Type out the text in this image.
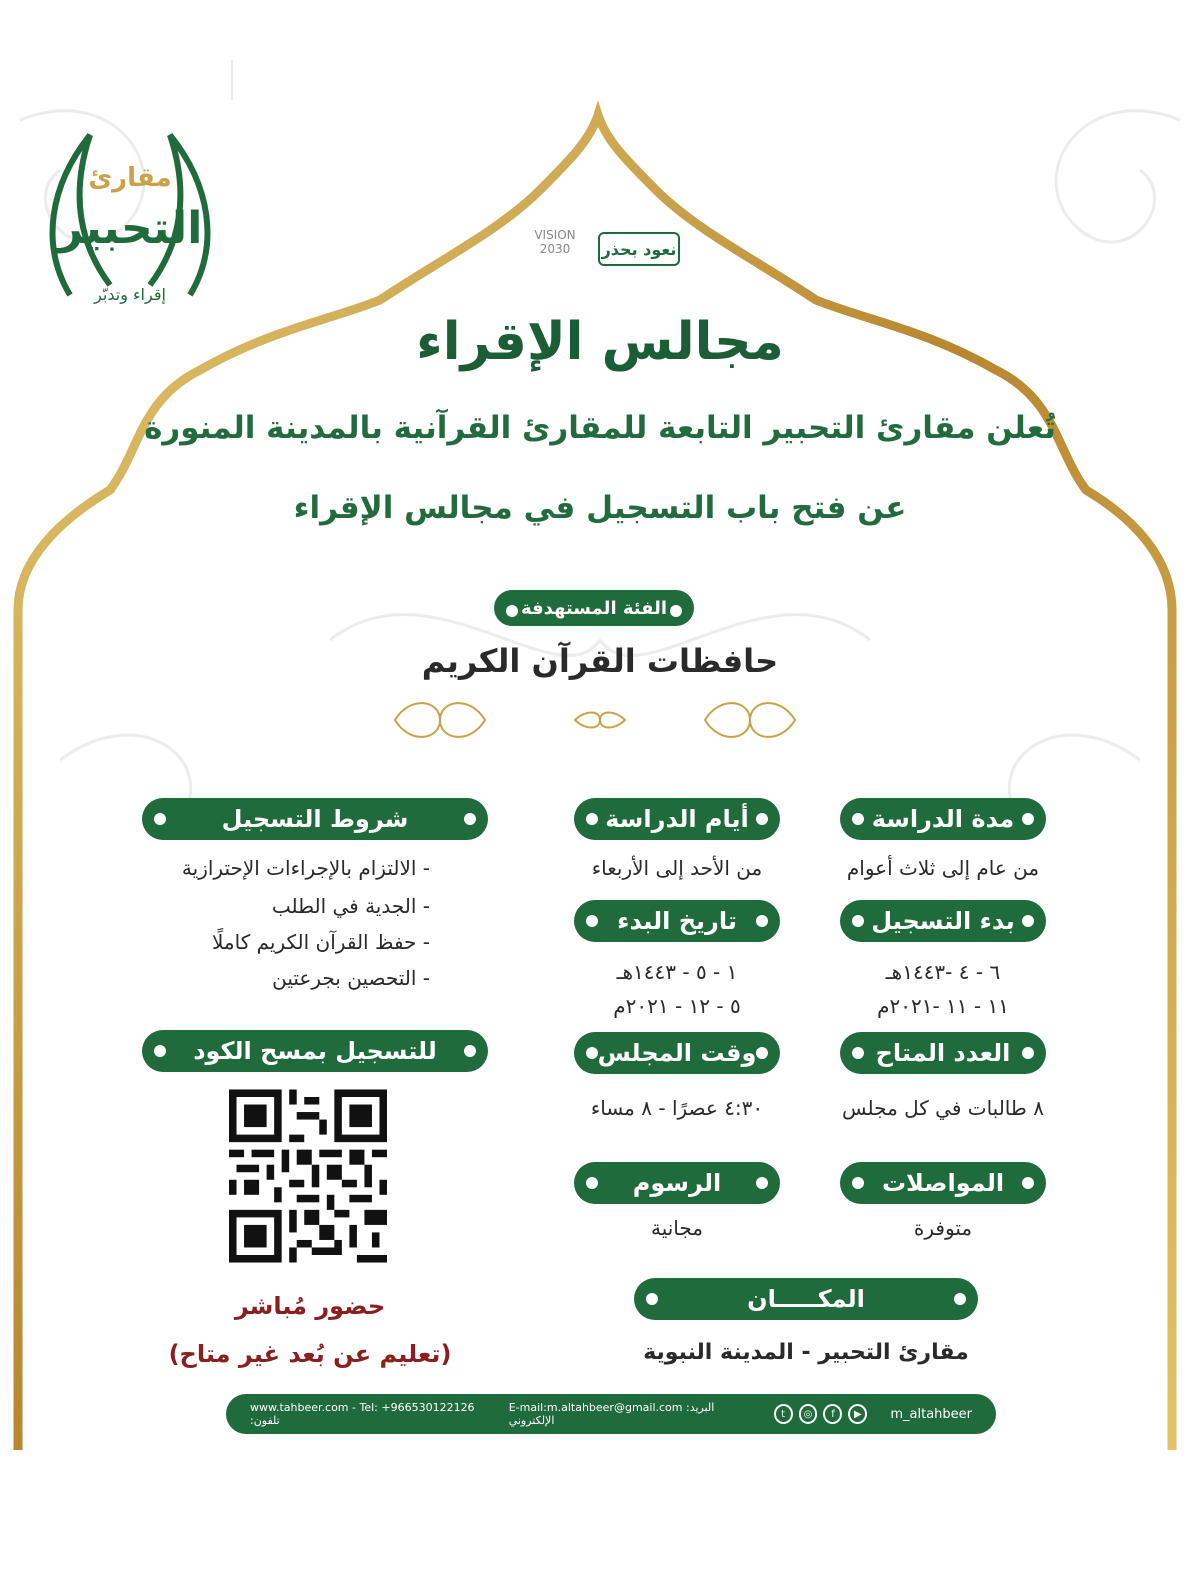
مقارئ
التحبير
إقراء وتدبّر
VISION 2030	نعود بحذر
مجالس الإقراء
تُعلن مقارئ التحبير التابعة للمقارئ القرآنية بالمدينة المنورة
عن فتح باب التسجيل في مجالس الإقراء
الفئة المستهدفة
حافظات القرآن الكريم
مدة الدراسة
من عام إلى ثلاث أعوام
أيام الدراسة
من الأحد إلى الأربعاء
بدء التسجيل
٦ - ٤ -١٤٤٣هـ
١١ - ١١ -٢٠٢١م
تاريخ البدء
١ - ٥ - ١٤٤٣هـ
٥ - ١٢ - ٢٠٢١م
العدد المتاح
٨ طالبات في كل مجلس
وقت المجلس
٤:٣٠ عصرًا - ٨ مساء
المواصلات
متوفرة
الرسوم
مجانية
المكـــــان
مقارئ التحبير - المدينة النبوية
شروط التسجيل
- الالتزام بالإجراءات الإحترازية
- الجدية في الطلب
- حفظ القرآن الكريم كاملًا
- التحصين بجرعتين
للتسجيل بمسح الكود
حضور مُباشر
(تعليم عن بُعد غير متاح)
www.tahbeer.com - Tel: +966530122126 :تلفون
E-mail:m.altahbeer@gmail.com :البريد الإلكتروني	t	◎	f	▶	m_altahbeer
